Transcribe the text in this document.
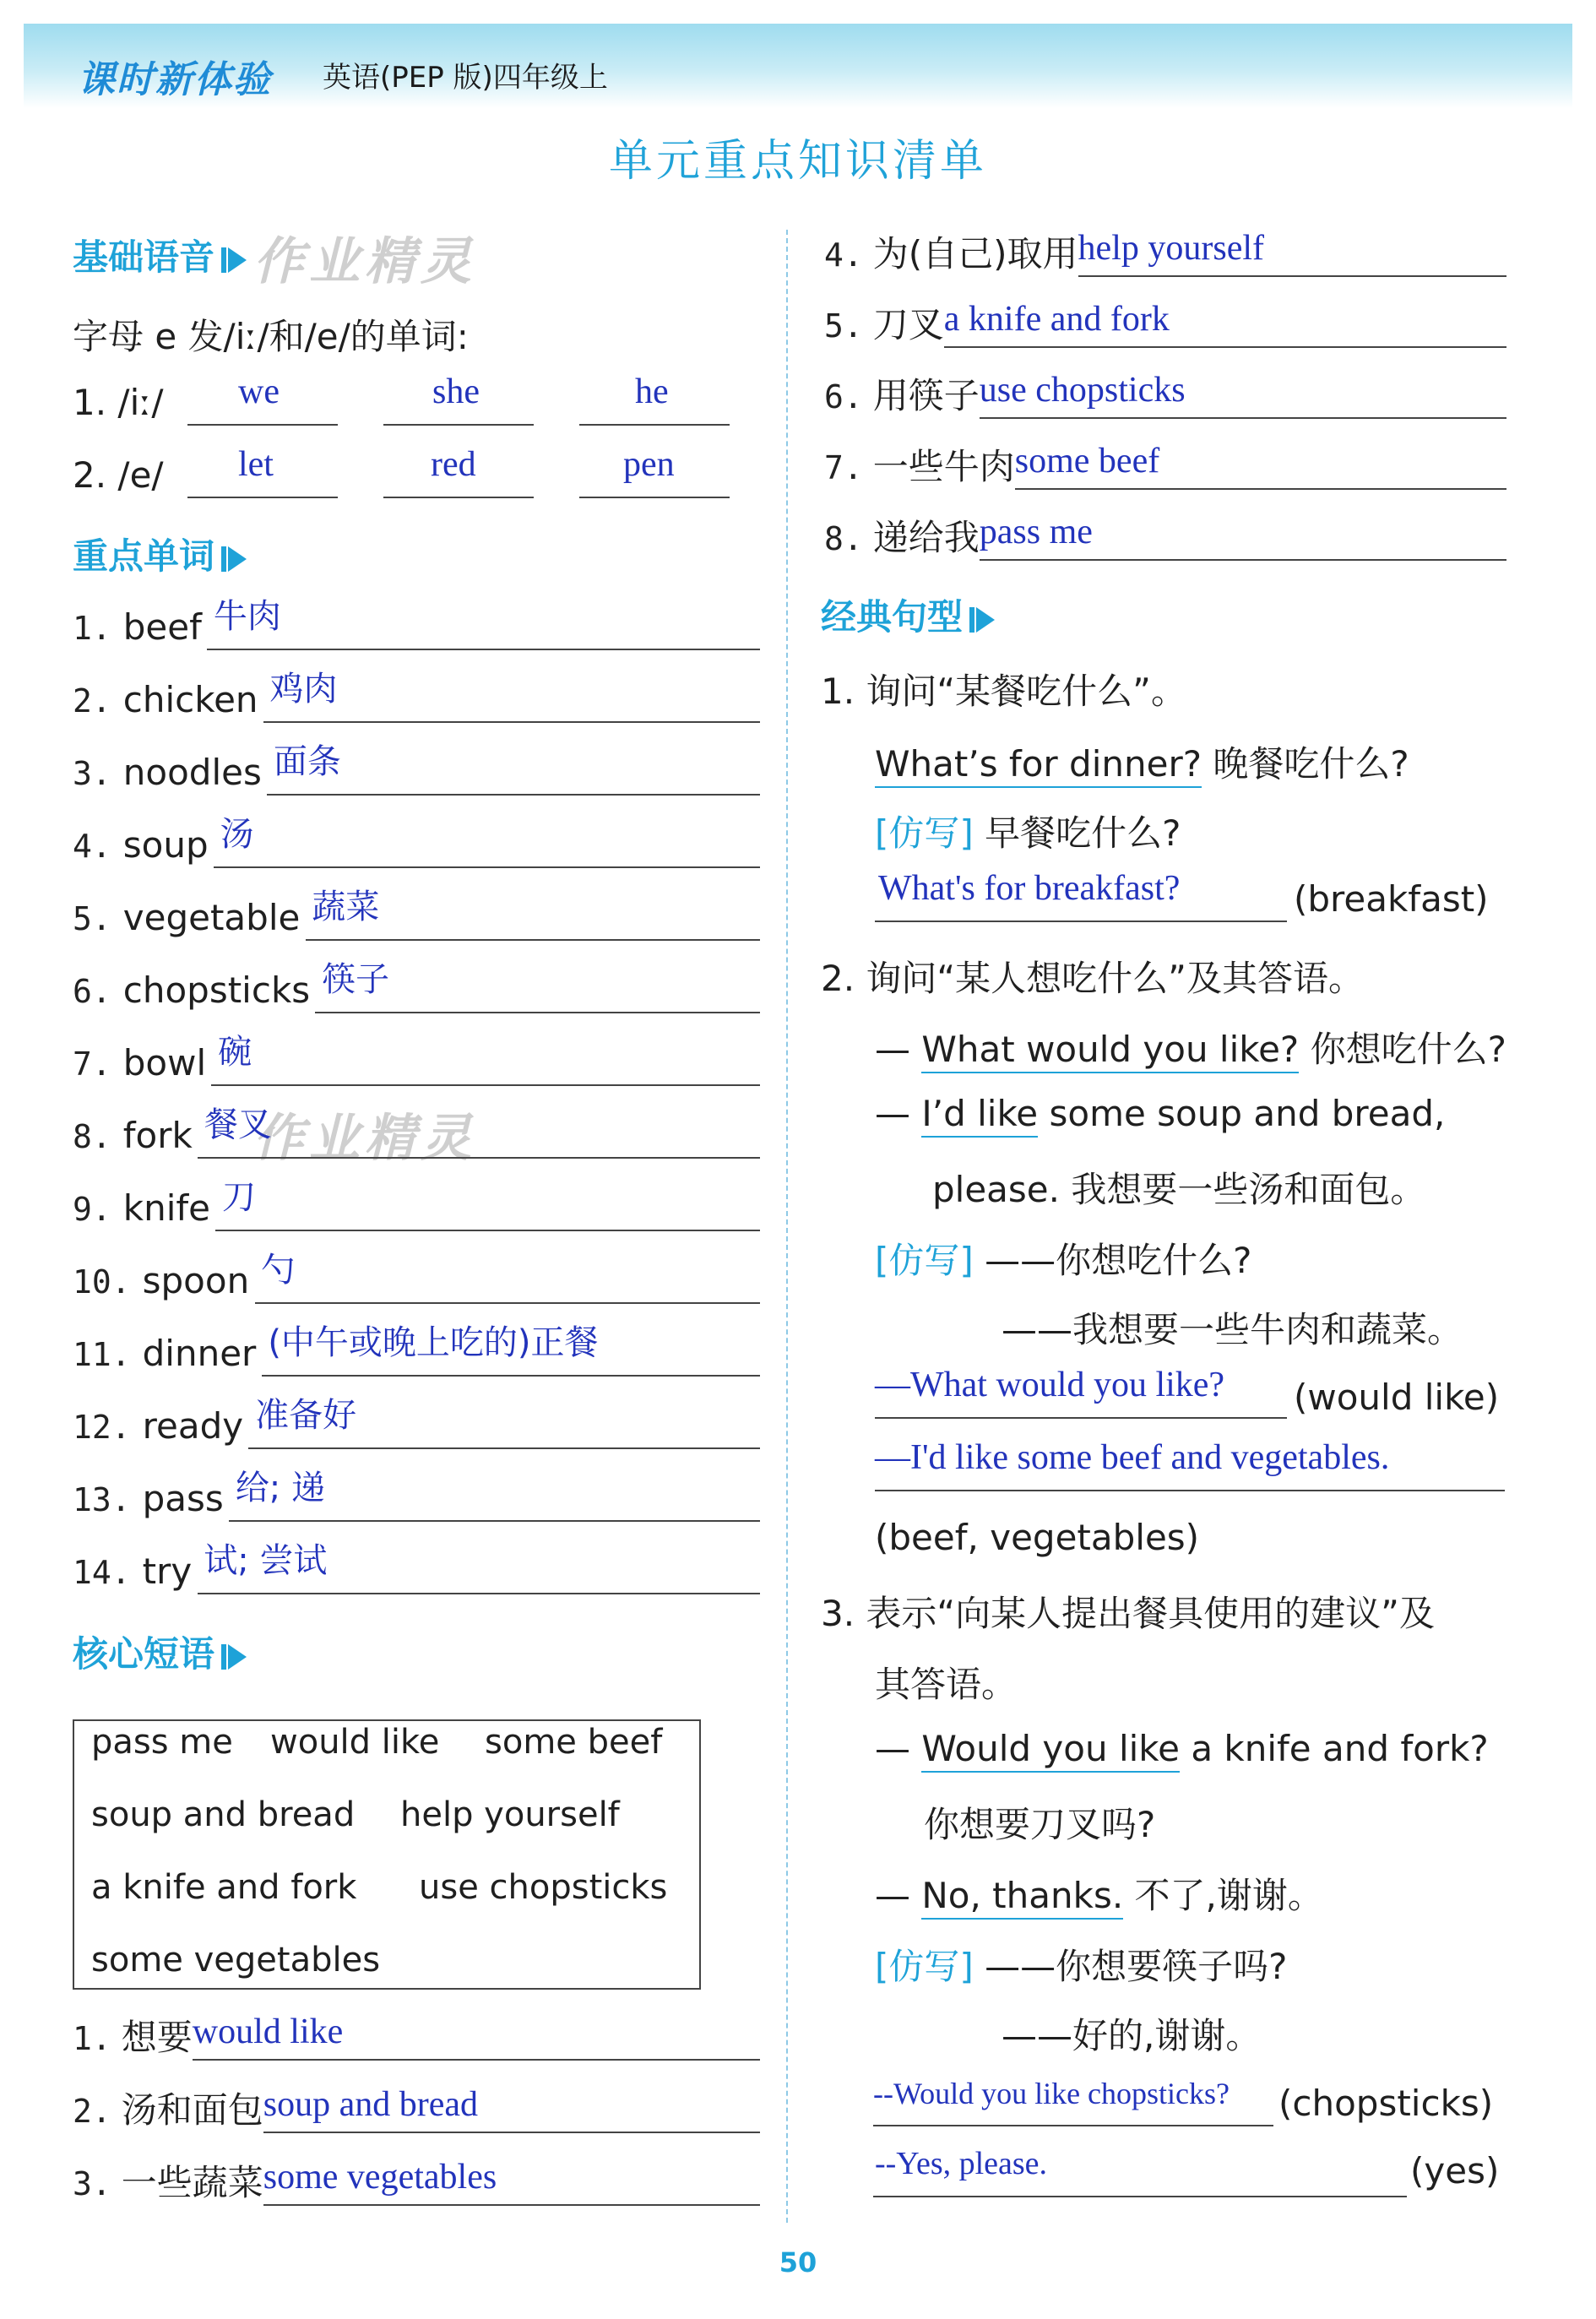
课时新体验 英语(PEP 版)四年级上
单元重点知识清单
作业精灵
作业精灵
基础语音
字母 e 发/iː/和/e/的单词:
1. /iː/ we	she	he
2. /e/ let	red	pen
重点单词
1. beef 牛肉
2. chicken 鸡肉
3. noodles 面条
4. soup 汤
5. vegetable 蔬菜
6. chopsticks 筷子
7. bowl 碗
8. fork 餐叉
9. knife 刀
10. spoon 勺
11. dinner (中午或晚上吃的)正餐
12. ready 准备好
13. pass 给; 递
14. try 试; 尝试
核心短语
pass me would like some beef
soup and bread help yourself
a knife and fork use chopsticks
some vegetables
1. 想要would like
2. 汤和面包soup and bread
3. 一些蔬菜some vegetables
4. 为(自己)取用help yourself
5. 刀叉a knife and fork
6. 用筷子use chopsticks
7. 一些牛肉some beef
8. 递给我pass me
经典句型
1. 询问“某餐吃什么”。
What’s for dinner? 晚餐吃什么?
[仿写] 早餐吃什么?
What's for breakfast?	(breakfast)
2. 询问“某人想吃什么”及其答语。
— What would you like? 你想吃什么?
— I’d like some soup and bread,
please. 我想要一些汤和面包。
[仿写] ——你想吃什么?
——我想要一些牛肉和蔬菜。
—What would you like? (would like)
—I'd like some beef and vegetables.
(beef, vegetables)
3. 表示“向某人提出餐具使用的建议”及
其答语。
— Would you like a knife and fork?
你想要刀叉吗?
— No, thanks. 不了,谢谢。
[仿写] ——你想要筷子吗?
——好的,谢谢。
--Would you like chopsticks? (chopsticks)
--Yes, please.	(yes)
50
